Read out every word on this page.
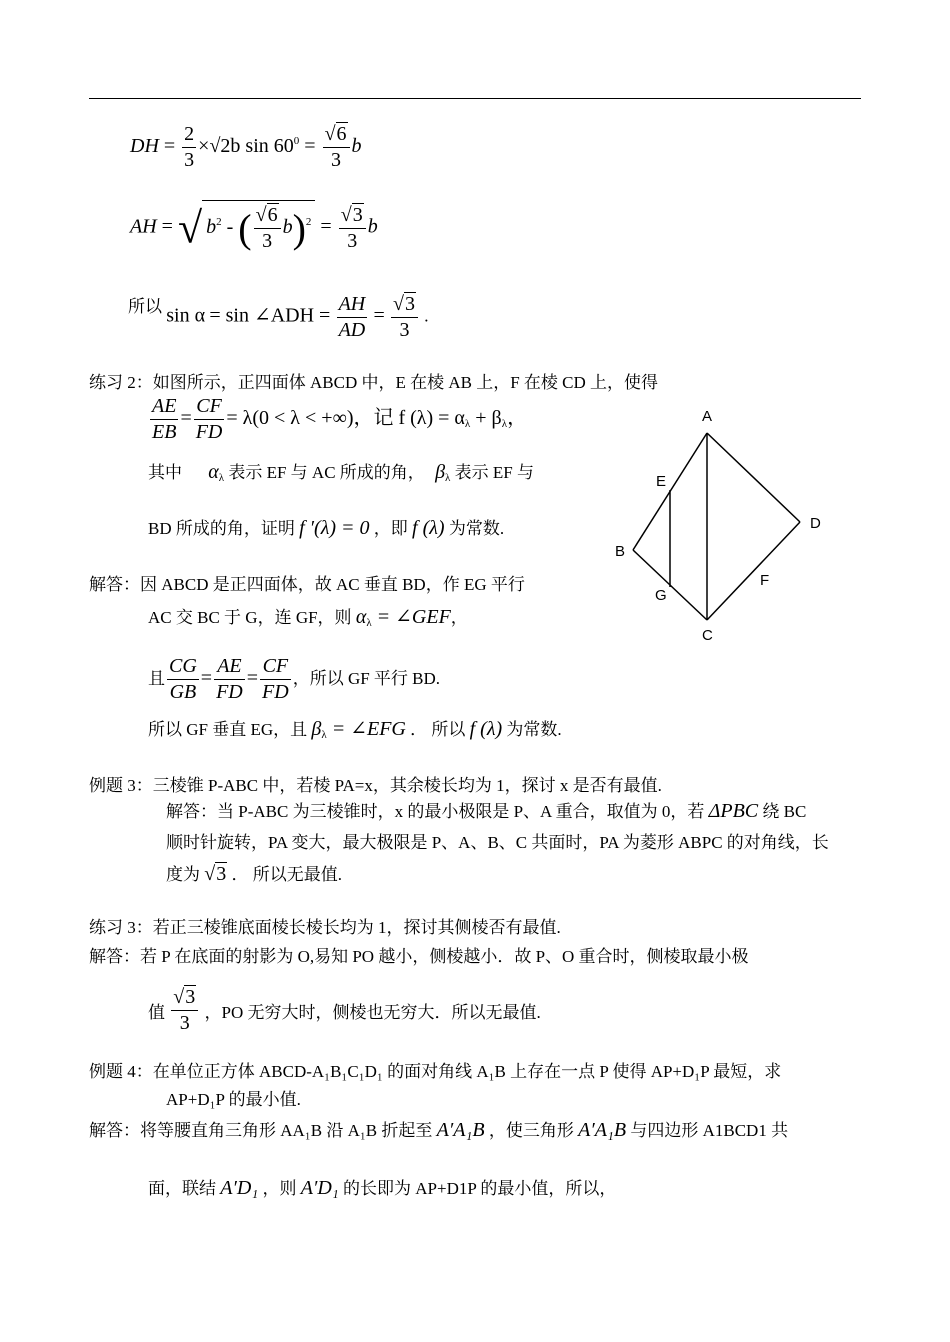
DH = $\frac{2}{3} \times√2b$ $\sin 60^0 = \frac{√6}{3}$ b
AH = √ $b^2$ - ( $\frac{√6}{3} b)^2 = \frac{√3}{3}$ b
所以 sin α = sin ∠ADH = $\frac{AH}{AD} = \frac{√3}{3}$ .
练习 2：如图所示，正四面体 ABCD 中，E 在棱 AB 上，F 在棱 CD 上，使得
$\frac{AE}{EB} = \frac{CF}{FD} = \lambda(0 < \lambda$ < +∞)，记 f $(\lambda) = \alpha_\lambda + \beta_\lambda$，
其中 $\alpha_\lambda$ 表示 EF 与 AC 所成的角， $\beta_\lambda$ 表示 EF 与
BD 所成的角，证明 f ′(λ) = 0 ，即 f (λ) 为常数.
解答：因 ABCD 是正四面体，故 AC 垂直 BD，作 EG 平行
AC 交 BC 于 G，连 GF，则 $\alpha_\lambda$ = ∠GEF，
且 $\frac{CG}{GB} = \frac{AE}{FD} = \frac{CF}{FD}$ ，所以 GF 平行 BD.
所以 GF 垂直 EG，且 $\beta_\lambda$ = ∠EFG ． 所以 f (λ) 为常数.
A
B
C
D
E
F
G
例题 3：三棱锥 P-ABC 中，若棱 PA=x，其余棱长均为 1，探讨 x 是否有最值.
解答：当 P-ABC 为三棱锥时，x 的最小极限是 P、A 重合，取值为 0，若 ΔPBC 绕 BC
顺时针旋转，PA 变大，最大极限是 P、A、B、C 共面时，PA 为菱形 ABPC 的对角线，长
度为 √3 ． 所以无最值.
练习 3：若正三棱锥底面棱长棱长均为 1，探讨其侧棱否有最值.
解答：若 P 在底面的射影为 O,易知 PO 越小，侧棱越小．故 P、O 重合时，侧棱取最小极
值 $\frac{√3}{3}$ ，PO 无穷大时，侧棱也无穷大．所以无最值.
例题 4：在单位正方体 ABCD-A₁B₁C₁D₁ 的面对角线 A₁B 上存在一点 P 使得 AP+D₁P 最短，求
AP+D₁P 的最小值.
解答：将等腰直角三角形 AA₁B 沿 A₁B 折起至 A′A₁B ，使三角形 A′A₁B 与四边形 A1BCD1 共
面，联结 A′D₁ ，则 A′D₁ 的长即为 AP+D1P 的最小值，所以，
